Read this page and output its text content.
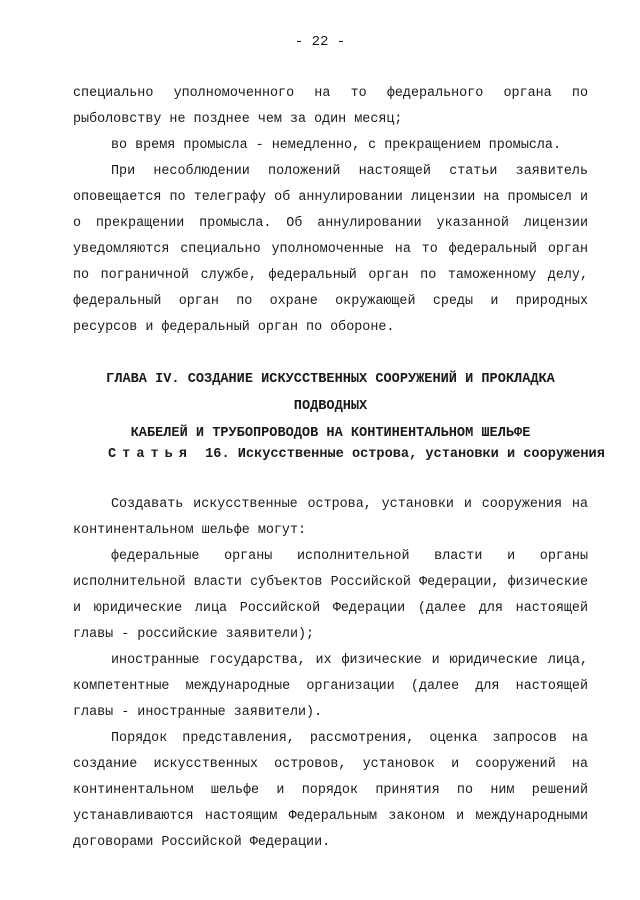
- 22 -

специально уполномоченного на то федерального органа по рыболовству не позднее чем за один месяц;

во время промысла - немедленно, с прекращением промысла.

При несоблюдении положений настоящей статьи заявитель оповещается по телеграфу об аннулировании лицензии на промысел и о прекращении промысла. Об аннулировании указанной лицензии уведомляются специально уполномоченные на то федеральный орган по пограничной службе, федеральный орган по таможенному делу, федеральный орган по охране окружающей среды и природных ресурсов и федеральный орган по обороне.

ГЛАВА IV. СОЗДАНИЕ ИСКУССТВЕННЫХ СООРУЖЕНИЙ И ПРОКЛАДКА ПОДВОДНЫХ
КАБЕЛЕЙ И ТРУБОПРОВОДОВ НА КОНТИНЕНТАЛЬНОМ ШЕЛЬФЕ
Статья 16. Искусственные острова, установки и сооружения

Создавать искусственные острова, установки и сооружения на континентальном шельфе могут:

федеральные органы исполнительной власти и органы исполнительной власти субъектов Российской Федерации, физические и юридические лица Российской Федерации (далее для настоящей главы - российские заявители);

иностранные государства, их физические и юридические лица, компетентные международные организации (далее для настоящей главы - иностранные заявители).

Порядок представления, рассмотрения, оценка запросов на создание искусственных островов, установок и сооружений на континентальном шельфе и порядок принятия по ним решений устанавливаются настоящим Федеральным законом и международными договорами Российской Федерации.
